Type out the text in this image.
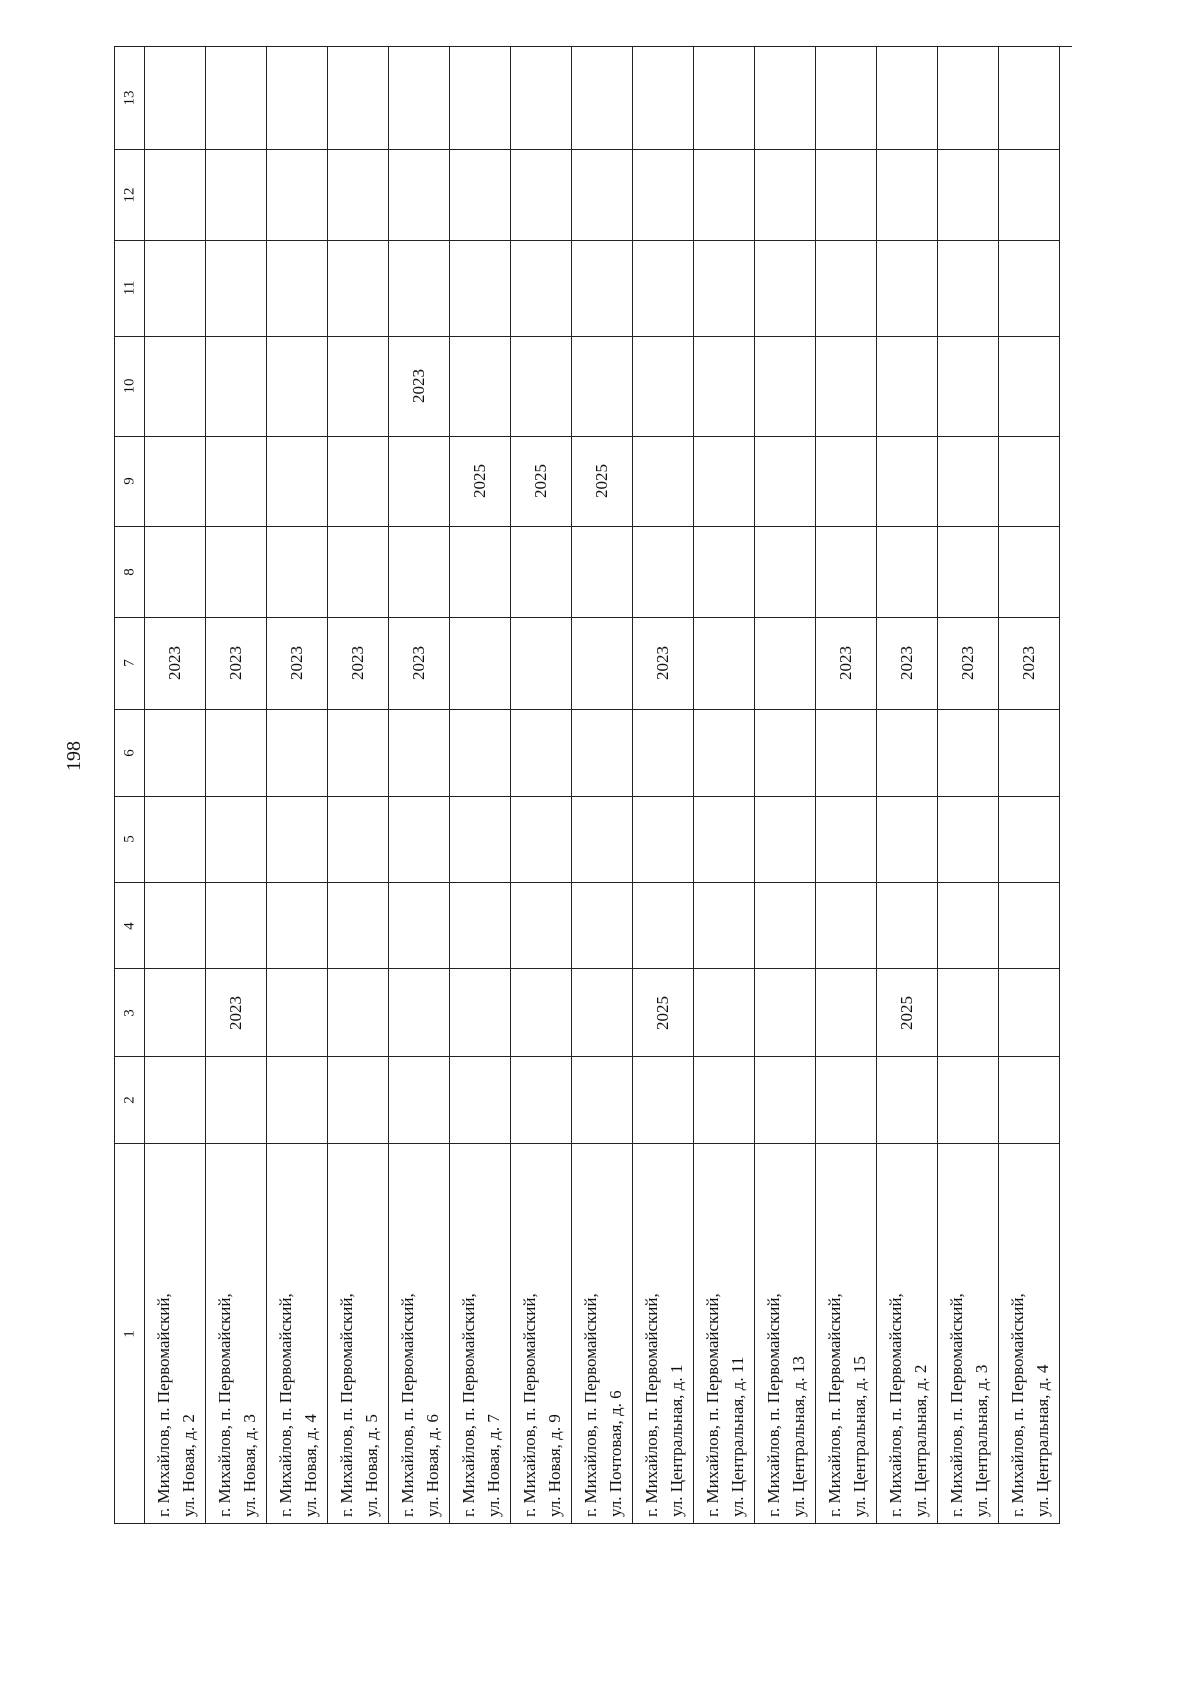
198
13
12
11
10
9
8
7
6
5
4
3
2
1
2023
г. Михайлов, п. Первомайский, ул. Новая, д. 2
2023
2023
г. Михайлов, п. Первомайский, ул. Новая, д. 3
2023
г. Михайлов, п. Первомайский, ул. Новая, д. 4
2023
г. Михайлов, п. Первомайский, ул. Новая, д. 5
2023
2023
г. Михайлов, п. Первомайский, ул. Новая, д. 6
2025
г. Михайлов, п. Первомайский, ул. Новая, д. 7
2025
г. Михайлов, п. Первомайский, ул. Новая, д. 9
2025
г. Михайлов, п. Первомайский, ул. Почтовая, д. 6
2023
2025
г. Михайлов, п. Первомайский, ул. Центральная, д. 1 г. Михайлов, п. Первомайский, ул. Центральная, д. 11 г. Михайлов, п. Первомайский, ул. Центральная, д. 13
2023
г. Михайлов, п. Первомайский, ул. Центральная, д. 15
2023
2025
г. Михайлов, п. Первомайский, ул. Центральная, д. 2
2023
г. Михайлов, п. Первомайский, ул. Центральная, д. 3
2023
г. Михайлов, п. Первомайский, ул. Центральная, д. 4
